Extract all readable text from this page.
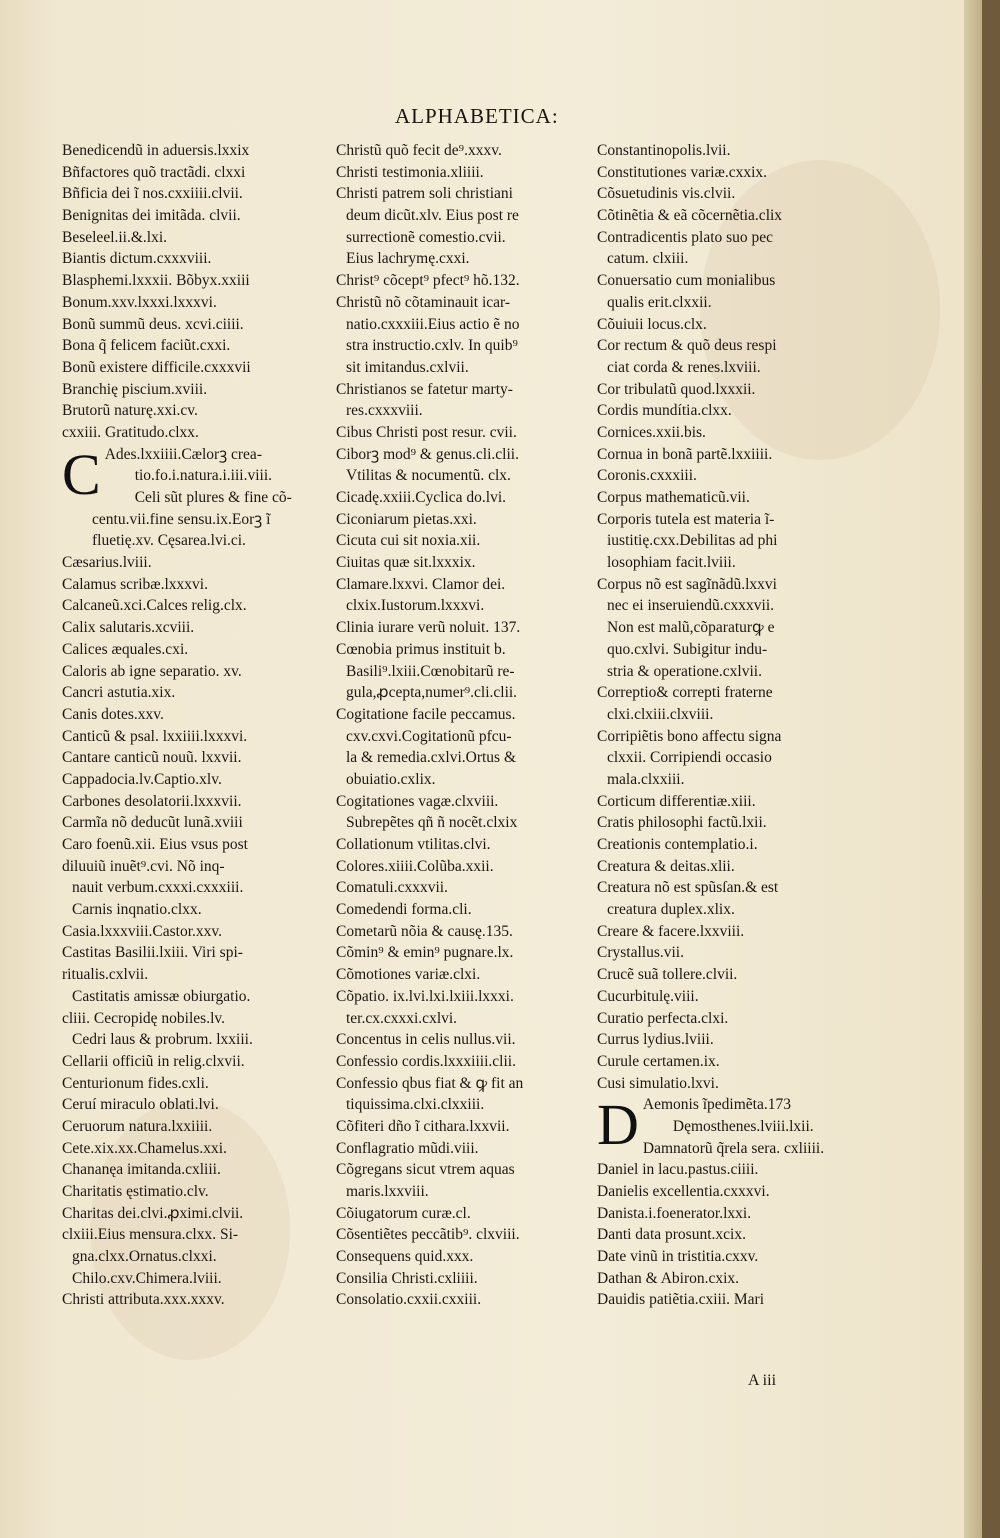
ALPHABETICA:
Benedicendũ in aduersis.lxxix
Bñfactores quõ tractãdi. clxxi
Bñficia dei ĩ nos.cxxiiii.clvii.
Benignitas dei imitãda. clvii.
Beseleel.ii.&.lxi.
Biantis dictum.cxxxviii.
Blasphemi.lxxxii. Bõbyx.xxiii
Bonum.xxv.lxxxi.lxxxvi.
Bonũ summũ deus. xcvi.ciiii.
Bona q̃ felicem faciũt.cxxi.
Bonũ existere difficile.cxxxvii
Branchię piscium.xviii.
Brutorũ naturę.xxi.cv.
cxxiii. Gratitudo.clxx.
C Ades.lxxiiii.Cælorꝫ crea-
tio.fo.i.natura.i.iii.viii.
Celi sũt plures & fine cõ-
centu.vii.fine sensu.ix.Eorꝫ ĩ
fluetię.xv. Cęsarea.lvi.ci.
Cæsarius.lviii.
Calamus scribæ.lxxxvi.
Calcaneũ.xci.Calces relig.clx.
Calix salutaris.xcviii.
Calices æquales.cxi.
Caloris ab igne separatio. xv.
Cancri astutia.xix.
Canis dotes.xxv.
Canticũ & psal. lxxiiii.lxxxvi.
Cantare canticũ nouũ. lxxvii.
Cappadocia.lv.Captio.xlv.
Carbones desolatorii.lxxxvii.
Carmĩa nõ deducũt lunã.xviii
Caro foenũ.xii. Eius vsus post
diluuiũ inuẽt⁹.cvi. Nõ inq-
nauit verbum.cxxxi.cxxxiii.
Carnis inqnatio.clxx.
Casia.lxxxviii.Castor.xxv.
Castitas Basilii.lxiii. Viri spi-
ritualis.cxlvii.
Castitatis amissæ obiurgatio.
cliii. Cecropidę nobiles.lv.
Cedri laus & probrum. lxxiii.
Cellarii officiũ in relig.clxvii.
Centurionum fides.cxli.
Ceruí miraculo oblati.lvi.
Ceruorum natura.lxxiiii.
Cete.xix.xx.Chamelus.xxi.
Chananęa imitanda.cxliii.
Charitatis ęstimatio.clv.
Charitas dei.clvi.ꝓximi.clvii.
clxiii.Eius mensura.clxx. Si-
gna.clxx.Ornatus.clxxi.
Chilo.cxv.Chimera.lviii.
Christi attributa.xxx.xxxv.
Christũ quõ fecit de⁹.xxxv.
Christi testimonia.xliiii.
Christi patrem soli christiani
deum dicũt.xlv. Eius post re
surrectionẽ comestio.cvii.
Eius lachrymę.cxxi.
Christ⁹ cõcept⁹ pfect⁹ hõ.132.
Christũ nõ cõtaminauit icar-
natio.cxxxiii.Eius actio ẽ no
stra instructio.cxlv. In quib⁹
sit imitandus.cxlvii.
Christianos se fatetur marty-
res.cxxxviii.
Cibus Christi post resur. cvii.
Ciborꝫ mod⁹ & genus.cli.clii.
Vtilitas & nocumentũ. clx.
Cicadę.xxiii.Cyclica do.lvi.
Ciconiarum pietas.xxi.
Cicuta cui sit noxia.xii.
Ciuitas quæ sit.lxxxix.
Clamare.lxxvi. Clamor dei.
clxix.Iustorum.lxxxvi.
Clinia iurare verũ noluit. 137.
Cœnobia primus instituit b.
Basili⁹.lxiii.Cœnobitarũ re-
gula,ꝓcepta,numer⁹.cli.clii.
Cogitatione facile peccamus.
cxv.cxvi.Cogitationũ pfcu-
la & remedia.cxlvi.Ortus &
obuiatio.cxlix.
Cogitationes vagæ.clxviii.
Subrepẽtes qñ ñ nocẽt.clxix
Collationum vtilitas.clvi.
Colores.xiiii.Colũba.xxii.
Comatuli.cxxxvii.
Comedendi forma.cli.
Cometarũ nõia & causę.135.
Cõmin⁹ & emin⁹ pugnare.lx.
Cõmotiones variæ.clxi.
Cõpatio. ix.lvi.lxi.lxiii.lxxxi.
ter.cx.cxxxi.cxlvi.
Concentus in celis nullus.vii.
Confessio cordis.lxxxiiii.clii.
Confessio qbus fiat & ꝙ fit an
tiquissima.clxi.clxxiii.
Cõfiteri dño ĩ cithara.lxxvii.
Conflagratio mũdi.viii.
Cõgregans sicut vtrem aquas
maris.lxxviii.
Cõiugatorum curæ.cl.
Cõsentiẽtes peccãtib⁹. clxviii.
Consequens quid.xxx.
Consilia Christi.cxliiii.
Consolatio.cxxii.cxxiii.
Constantinopolis.lvii.
Constitutiones variæ.cxxix.
Cõsuetudinis vis.clvii.
Cõtinẽtia & eã cõcernẽtia.clix
Contradicentis plato suo pec
catum. clxiii.
Conuersatio cum monialibus
qualis erit.clxxii.
Cõuiuii locus.clx.
Cor rectum & quõ deus respi
ciat corda & renes.lxviii.
Cor tribulatũ quod.lxxxii.
Cordis mundítia.clxx.
Cornices.xxii.bis.
Cornua in bonã partẽ.lxxiiii.
Coronis.cxxxiii.
Corpus mathematicũ.vii.
Corporis tutela est materia ĩ-
iustitię.cxx.Debilitas ad phi
losophiam facit.lviii.
Corpus nõ est sagĩnãdũ.lxxvi
nec ei inseruiendũ.cxxxvii.
Non est malũ,cõparaturꝙ e
quo.cxlvi. Subigitur indu-
stria & operatione.cxlvii.
Correptio& correpti fraterne
clxi.clxiii.clxviii.
Corripiẽtis bono affectu signa
clxxii. Corripiendi occasio
mala.clxxiii.
Corticum differentiæ.xiii.
Cratis philosophi factũ.lxii.
Creationis contemplatio.i.
Creatura & deitas.xlii.
Creatura nõ est spũsſan.& est
creatura duplex.xlix.
Creare & facere.lxxviii.
Crystallus.vii.
Crucẽ suã tollere.clvii.
Cucurbitulę.viii.
Curatio perfecta.clxi.
Currus lydius.lviii.
Curule certamen.ix.
Cusi simulatio.lxvi.
D Aemonis ĩpedimẽta.173
Dęmosthenes.lviii.lxii.
Damnatorũ q̃rela sera. cxliiii.
Daniel in lacu.pastus.ciiii.
Danielis excellentia.cxxxvi.
Danista.i.foenerator.lxxi.
Danti data prosunt.xcix.
Date vinũ in tristitia.cxxv.
Dathan & Abiron.cxix.
Dauidis patiẽtia.cxiii. Mari
A iii
